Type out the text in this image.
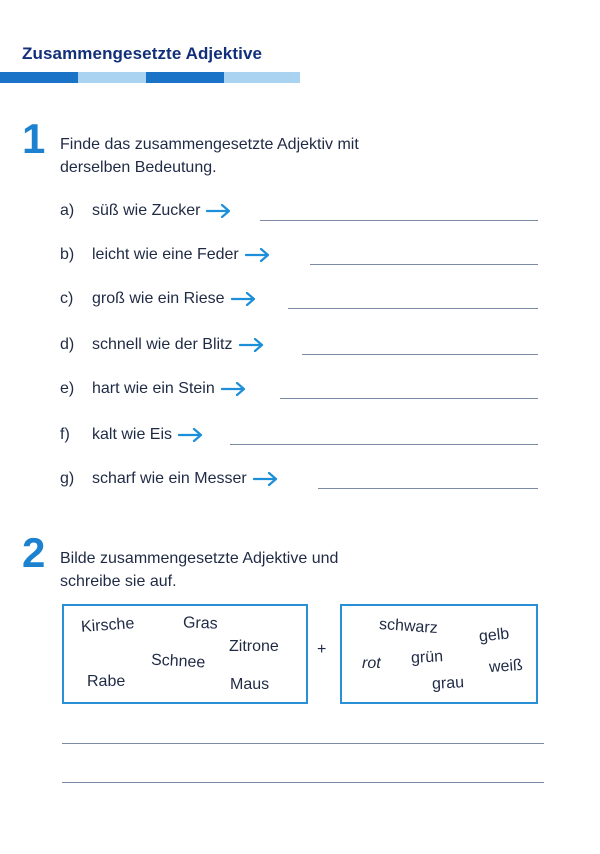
Zusammengesetzte Adjektive
1 Finde das zusammengesetzte Adjektiv mit
derselben Bedeutung.
a) süß wie Zucker
b) leicht wie eine Feder
c) groß wie ein Riese
d) schnell wie der Blitz
e) hart wie ein Stein
f) kalt wie Eis
g) scharf wie ein Messer
2 Bilde zusammengesetzte Adjektive und
schreibe sie auf.
Kirsche	Gras
Zitrone
Schnee
Rabe	Maus
+
schwarz gelb
rot grün	weiß
grau
